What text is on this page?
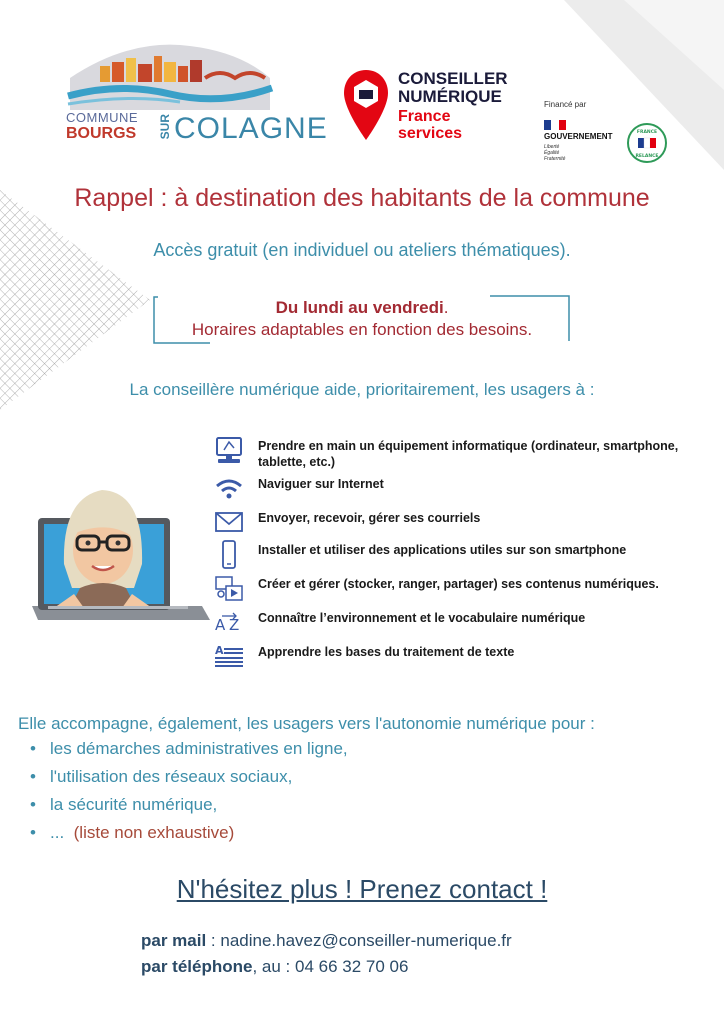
COMMUNE
BOURGS	SUR COLAGNE
CONSEILLER
NUMÉRIQUE
France
services
Financé par
GOUVERNEMENT
Liberté
Égalité
Fraternité
FRANCE
RELANCE
Rappel : à destination des habitants de la commune
Accès gratuit (en individuel ou ateliers thématiques).
Du lundi au vendredi.
Horaires adaptables en fonction des besoins.
La conseillère numérique aide, prioritairement, les usagers à :
Prendre en main un équipement informatique (ordinateur, smartphone, tablette, etc.)
Naviguer sur Internet
Envoyer, recevoir, gérer ses courriels
Installer et utiliser des applications utiles sur son smartphone
Créer et gérer (stocker, ranger, partager) ses contenus numériques.
A Z Connaître l’environnement et le vocabulaire numérique
A	Apprendre les bases du traitement de texte
Elle accompagne, également, les usagers vers l'autonomie numérique pour :
• les démarches administratives en ligne,
• l'utilisation des réseaux sociaux,
• la sécurité numérique,
• ... (liste non exhaustive)
N'hésitez plus ! Prenez contact !
par mail : nadine.havez@conseiller-numerique.fr
par téléphone, au : 04 66 32 70 06
